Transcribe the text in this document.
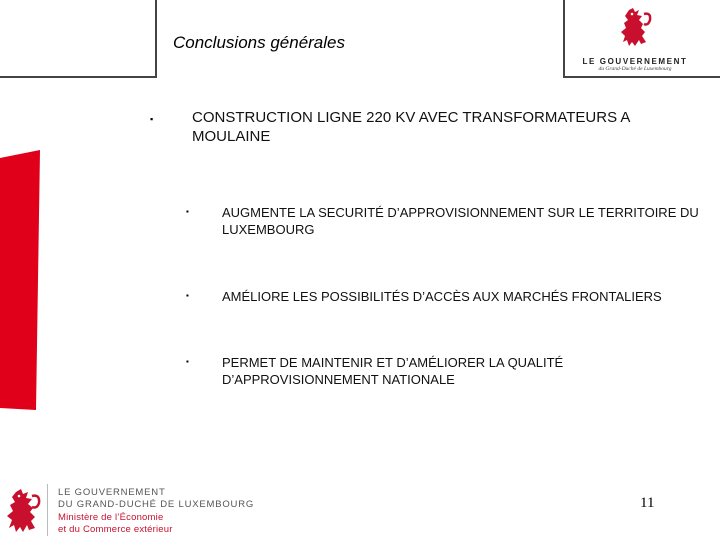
Conclusions générales
LE GOUVERNEMENT
du Grand-Duché de Luxembourg
▪	CONSTRUCTION LIGNE 220 KV AVEC TRANSFORMATEURS A MOULAINE
▪	AUGMENTE LA SECURITÉ D’APPROVISIONNEMENT SUR LE TERRITOIRE DU LUXEMBOURG
▪	AMÉLIORE LES POSSIBILITÉS D’ACCÈS AUX MARCHÉS FRONTALIERS
▪	PERMET DE MAINTENIR ET D’AMÉLIORER LA QUALITÉ D’APPROVISIONNEMENT NATIONALE
LE GOUVERNEMENT
DU GRAND-DUCHÉ DE LUXEMBOURG
Ministère de l’Économie
et du Commerce extérieur
11
